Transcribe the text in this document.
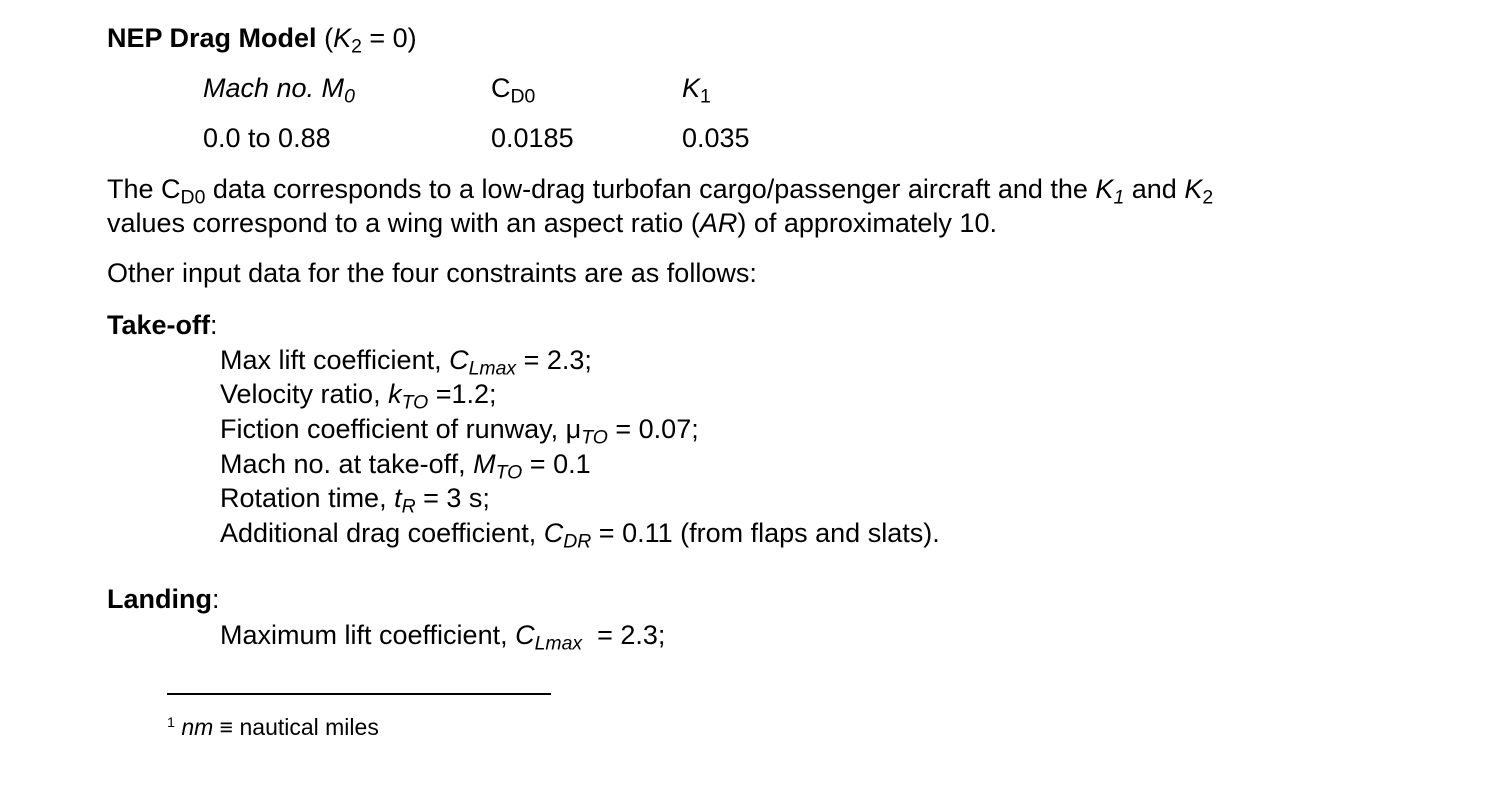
NEP Drag Model $(K_2 = 0)$
Mach no. $M_0$	$C_{D0}$	$K_1$
0.0 to 0.88	0.0185	0.035
The $C_{D0}$ data corresponds to a low-drag turbofan cargo/passenger aircraft and the $K_1$ and $K_2$
values correspond to a wing with an aspect ratio (AR) of approximately 10.
Other input data for the four constraints are as follows:
Take-off:
Max lift coefficient, $C_{Lmax} = 2.3$;
Velocity ratio, $k_{TO} =1.2$;
Fiction coefficient of runway, $\mu_{TO} = 0.07$;
Mach no. at take-off, $M_{TO} = 0.1$
Rotation time, $t_R = 3$ s;
Additional drag coefficient, $C_{DR} = 0.11$ (from flaps and slats).
Landing:
Maximum lift coefficient, $C_{Lmax} = 2.3$;
$^1$ nm ≡ nautical miles
